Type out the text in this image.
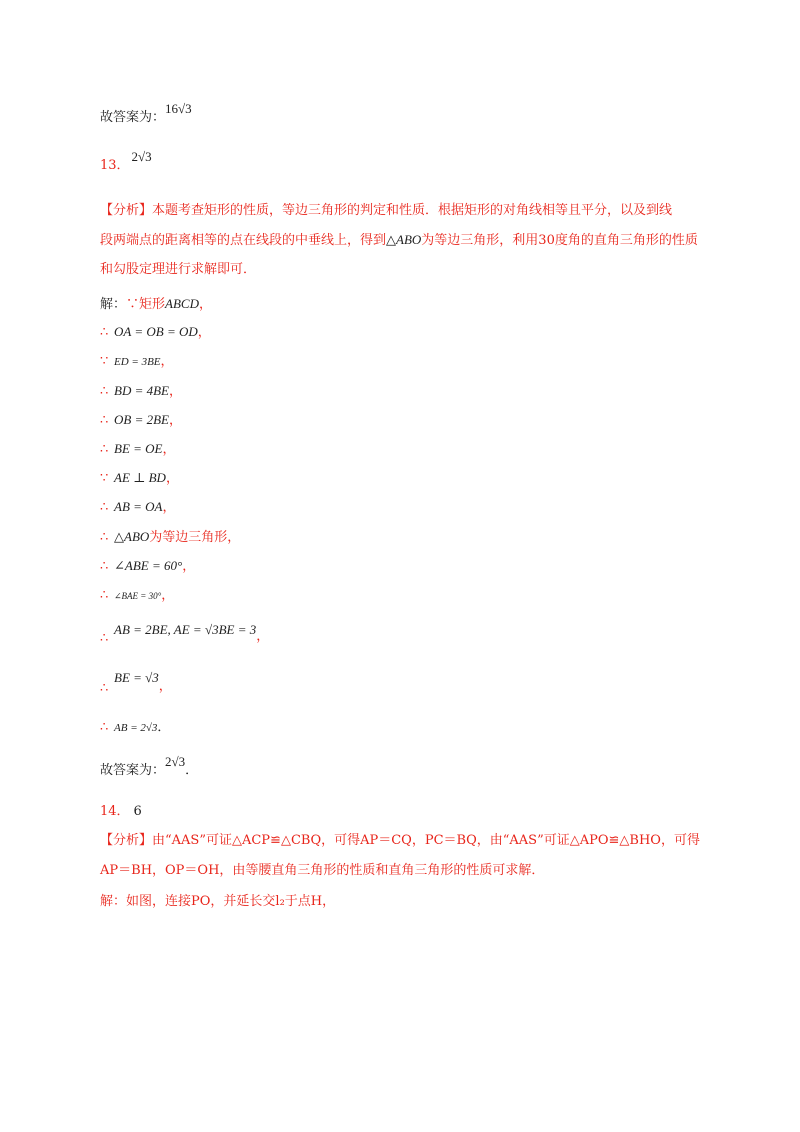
故答案为：16√3
13．2√3
【分析】本题考查矩形的性质，等边三角形的判定和性质．根据矩形的对角线相等且平分，以及到线
段两端点的距离相等的点在线段的中垂线上，得到△ABO为等边三角形，利用30度角的直角三角形的性质
和勾股定理进行求解即可．
解：∵矩形ABCD，
∴ OA = OB = OD，
∵ ED = 3BE，
∴ BD = 4BE，
∴ OB = 2BE，
∴ BE = OE，
∵ AE ⊥ BD，
∴ AB = OA，
∴ △ABO为等边三角形，
∴ ∠ABE = 60°，
∴ ∠BAE = 30°，
∴AB = 2BE, AE = √3BE = 3，
∴BE = √3，
∴ AB = 2√3．
故答案为：2√3．
14． 6
【分析】由“AAS”可证△ACP≌△CBQ，可得AP＝CQ，PC＝BQ，由“AAS”可证△APO≌△BHO，可得
AP＝BH，OP＝OH，由等腰直角三角形的性质和直角三角形的性质可求解．
解：如图，连接PO，并延长交l₂于点H，
